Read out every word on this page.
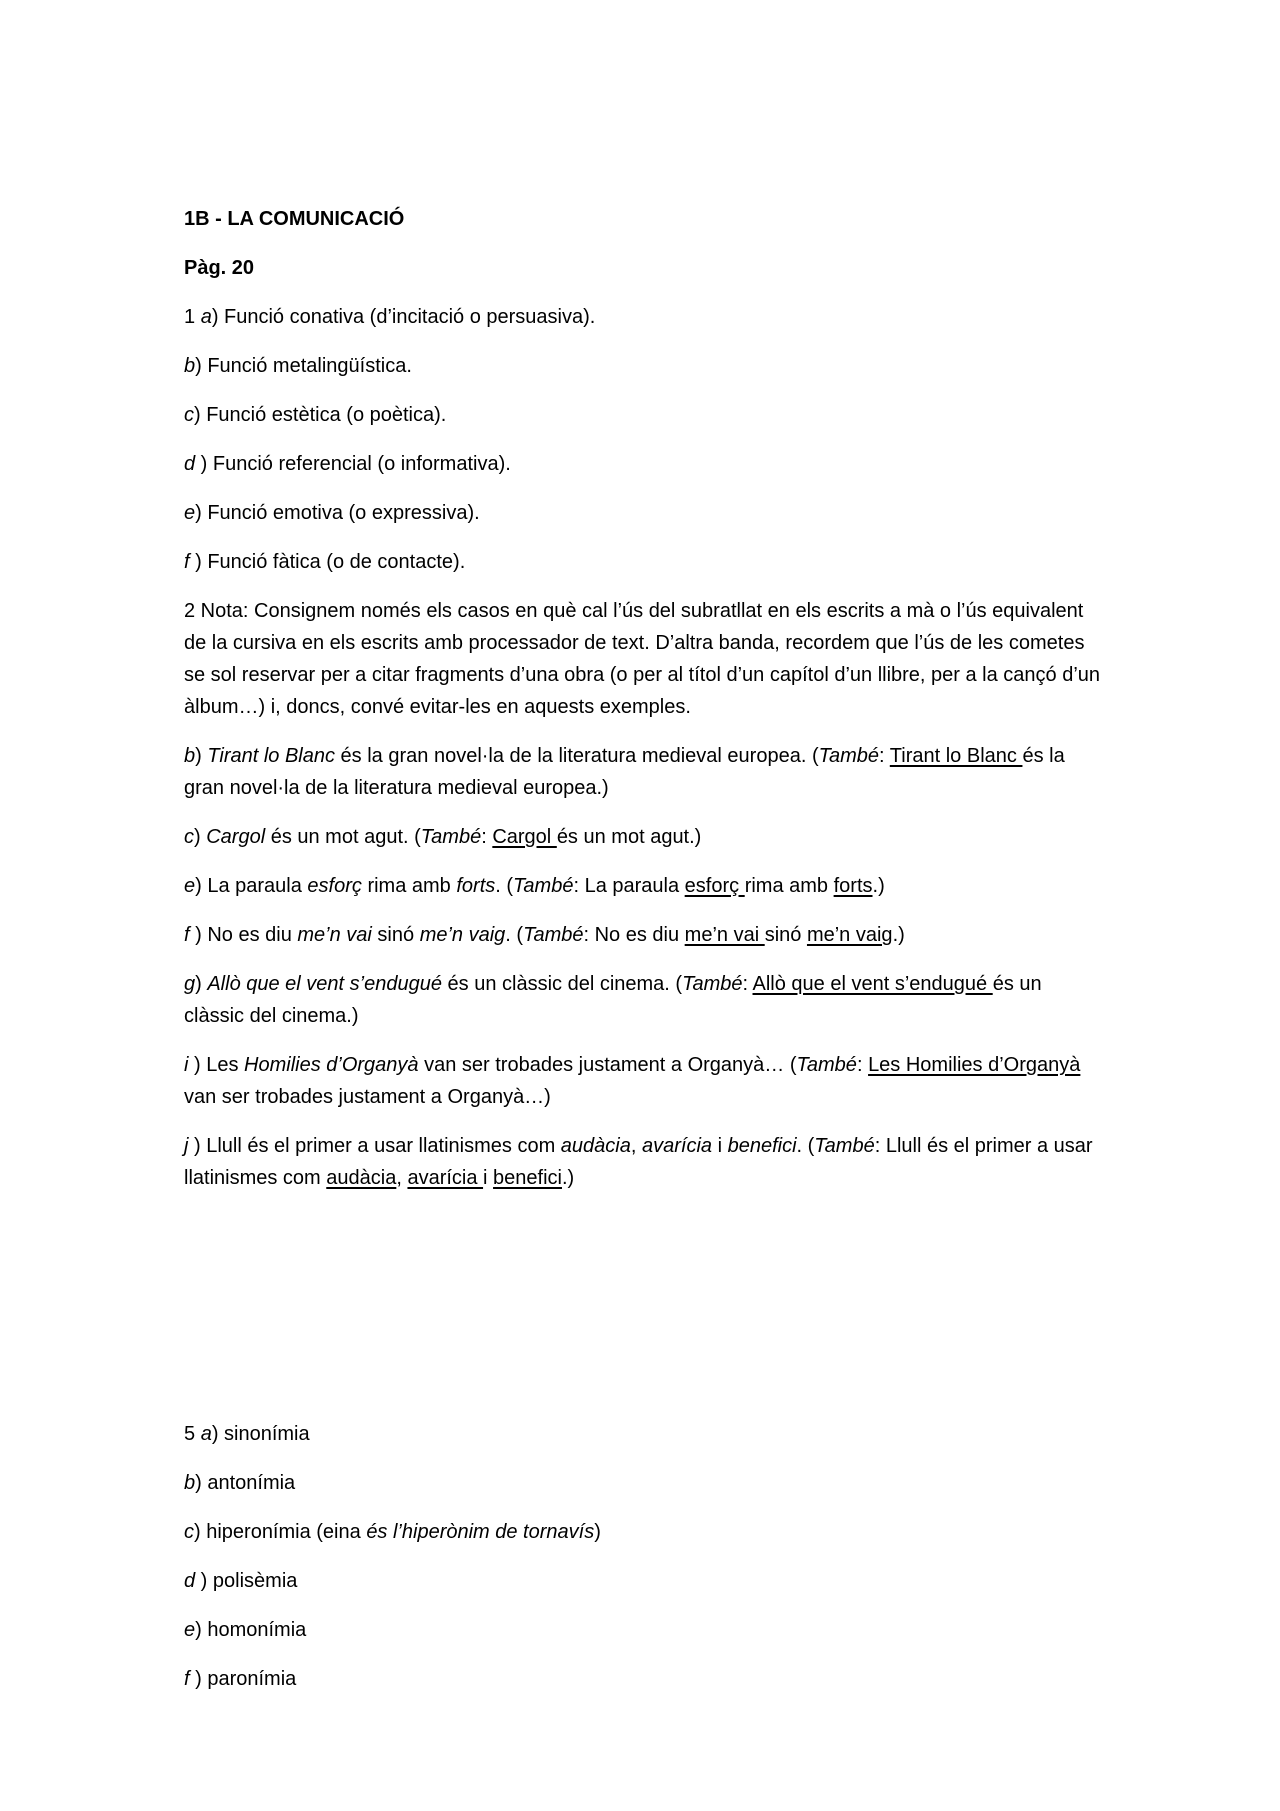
1B - LA COMUNICACIÓ

Pàg. 20

1 a) Funció conativa (d’incitació o persuasiva).

b) Funció metalingüística.

c) Funció estètica (o poètica).

d ) Funció referencial (o informativa).

e) Funció emotiva (o expressiva).

f ) Funció fàtica (o de contacte).

2 Nota: Consignem només els casos en què cal l’ús del subratllat en els escrits a mà o l’ús equivalent de la cursiva en els escrits amb processador de text. D’altra banda, recordem que l’ús de les cometes se sol reservar per a citar fragments d’una obra (o per al títol d’un capítol d’un llibre, per a la cançó d’un àlbum…) i, doncs, convé evitar-les en aquests exemples.

b) Tirant lo Blanc és la gran novel·la de la literatura medieval europea. (També: Tirant lo Blanc és la gran novel·la de la literatura medieval europea.)

c) Cargol és un mot agut. (També: Cargol és un mot agut.)

e) La paraula esforç rima amb forts. (També: La paraula esforç rima amb forts.)

f ) No es diu me’n vai sinó me’n vaig. (També: No es diu me’n vai sinó me’n vaig.)

g) Allò que el vent s’endugué és un clàssic del cinema. (També: Allò que el vent s’endugué és un clàssic del cinema.)

i ) Les Homilies d’Organyà van ser trobades justament a Organyà… (També: Les Homilies d’Organyà van ser trobades justament a Organyà…)

j ) Llull és el primer a usar llatinismes com audàcia, avarícia i benefici. (També: Llull és el primer a usar llatinismes com audàcia, avarícia i benefici.)

5 a) sinonímia

b) antonímia

c) hiperonímia (eina és l’hiperònim de tornavís)

d ) polisèmia

e) homonímia

f ) paronímia
